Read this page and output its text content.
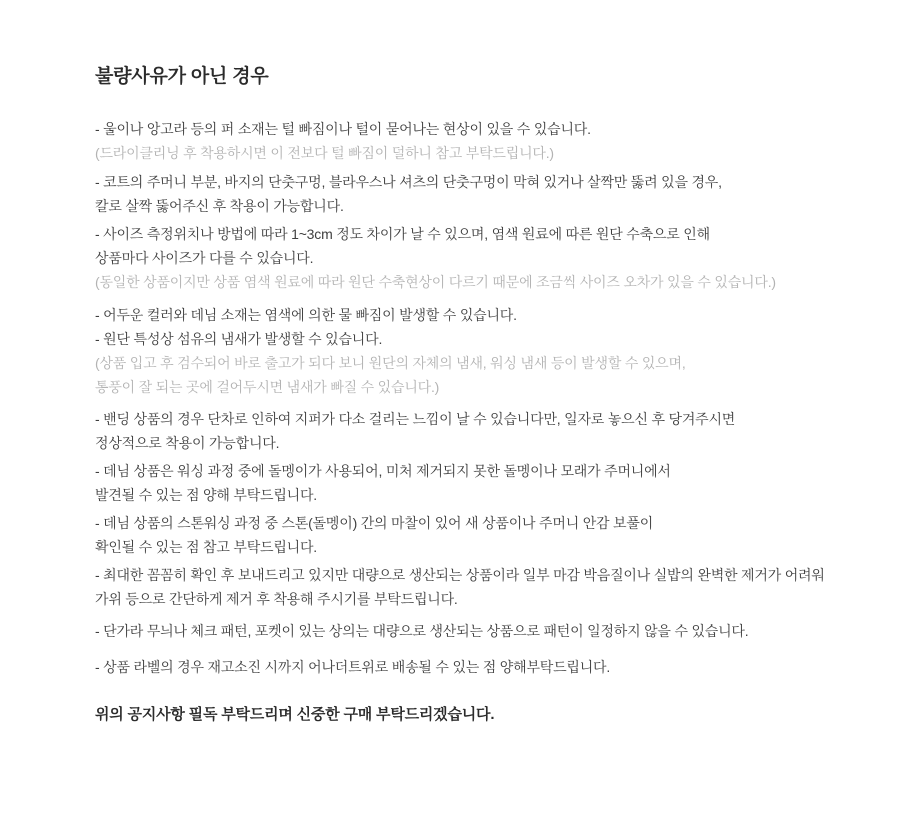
불량사유가 아닌 경우

- 울이나 앙고라 등의 퍼 소재는 털 빠짐이나 털이 묻어나는 현상이 있을 수 있습니다.

(드라이클리닝 후 착용하시면 이 전보다 털 빠짐이 덜하니 참고 부탁드립니다.)

- 코트의 주머니 부분, 바지의 단춧구멍, 블라우스나 셔츠의 단춧구멍이 막혀 있거나 살짝만 뚫려 있을 경우,

칼로 살짝 뚫어주신 후 착용이 가능합니다.

- 사이즈 측정위치나 방법에 따라 1~3cm 정도 차이가 날 수 있으며, 염색 원료에 따른 원단 수축으로 인해

상품마다 사이즈가 다를 수 있습니다.

(동일한 상품이지만 상품 염색 원료에 따라 원단 수축현상이 다르기 때문에 조금씩 사이즈 오차가 있을 수 있습니다.)

- 어두운 컬러와 데님 소재는 염색에 의한 물 빠짐이 발생할 수 있습니다.

- 원단 특성상 섬유의 냄새가 발생할 수 있습니다.

(상품 입고 후 검수되어 바로 출고가 되다 보니 원단의 자체의 냄새, 워싱 냄새 등이 발생할 수 있으며,

통풍이 잘 되는 곳에 걸어두시면 냄새가 빠질 수 있습니다.)

- 밴딩 상품의 경우 단차로 인하여 지퍼가 다소 걸리는 느낌이 날 수 있습니다만, 일자로 놓으신 후 당겨주시면

정상적으로 착용이 가능합니다.

- 데님 상품은 워싱 과정 중에 돌멩이가 사용되어, 미처 제거되지 못한 돌멩이나 모래가 주머니에서

발견될 수 있는 점 양해 부탁드립니다.

- 데님 상품의 스톤워싱 과정 중 스톤(돌멩이) 간의 마찰이 있어 새 상품이나 주머니 안감 보풀이

확인될 수 있는 점 참고 부탁드립니다.

- 최대한 꼼꼼히 확인 후 보내드리고 있지만 대량으로 생산되는 상품이라 일부 마감 박음질이나 실밥의 완벽한 제거가 어려워

가위 등으로 간단하게 제거 후 착용해 주시기를 부탁드립니다.

- 단가라 무늬나 체크 패턴, 포켓이 있는 상의는 대량으로 생산되는 상품으로 패턴이 일정하지 않을 수 있습니다.

- 상품 라벨의 경우 재고소진 시까지 어나더트위로 배송될 수 있는 점 양해부탁드립니다.

위의 공지사항 필독 부탁드리며 신중한 구매 부탁드리겠습니다.
